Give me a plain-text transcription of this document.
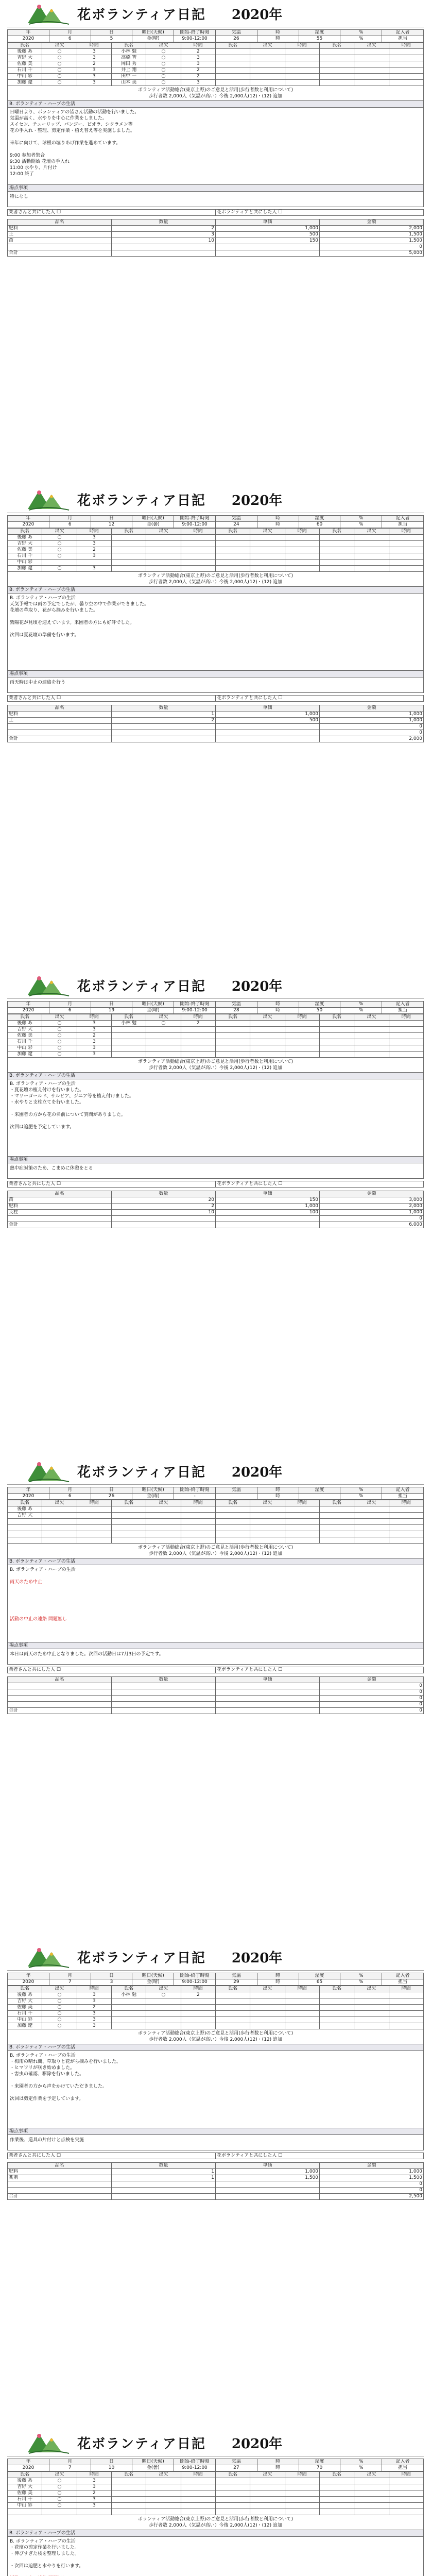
花ボランティア日記 2020年
年	月	日	曜日(天候)	開始-終了時刻	気温	時	湿度	%	記入者
2020	6	5	金(晴)	9:00-12:00	26	時	55	%	担当
氏名	出欠	時間	氏名	出欠	時間	氏名	出欠	時間	氏名	出欠	時間
後藤 あ	○	3	小林 勉	○	2						
吉野 大	○	3	高橋 智	○	3						
佐藤 美	○	2	岡田 秀	○	3						
石川 千	○	3	井上 翔	○	2						
中山 彩	○	3	田中 一	○	2						
加藤 遼	○	3	山本 美	○	3						
ボランティア活動総合(東京上野)のご意見と活用(歩行者数と利用について)
歩行者数 2,000人（気温が高い）今後 2,000人(12)・(12) 追加
B. ボランティア・ハーブの生活

日曜日より、ボランティアの皆さん活動の活動を行いました。

気温が高く、水やりを中心に作業をしました。

スイセン、チューリップ、パンジー、ビオラ、シクラメン等

花の手入れ・整理、剪定作業・植え替え等を実施しました。

来年に向けて、球根の堀りあげ作業を進めています。

9:00 参加者集合

9:30 活動開始 花壇の手入れ

11:00 水やり、片付け

12:00 終了

場点事項
特になし
業者さんと共にした人 ☐	花ボランティアと共にした人 ☐
品名	数量	単価	金額
肥料	2	1,000	2,000
土	3	500	1,500
苗	10	150	1,500
			0
合計			5,000
花ボランティア日記 2020年
年	月	日	曜日(天候)	開始-終了時刻	気温	時	湿度	%	記入者
2020	6	12	金(曇)	9:00-12:00	24	時	60	%	担当
氏名	出欠	時間	氏名	出欠	時間	氏名	出欠	時間	氏名	出欠	時間
後藤 あ	○	3									
吉野 大	○	3									
佐藤 美	○	2									
石川 千	○	3									
中山 彩											
加藤 遼	○	3									
ボランティア活動総合(東京上野)のご意見と活用(歩行者数と利用について)
歩行者数 2,000人（気温が高い）今後 2,000人(12)・(12) 追加
B. ボランティア・ハーブの生活

B. ボランティア・ハーブの生活

天気予報では雨の予定でしたが、曇り空の中で作業ができました。

花壇の草取り、花がら摘みを行いました。

紫陽花が見頃を迎えています。来園者の方にも好評でした。

次回は夏花壇の準備を行います。

場点事項
雨天時は中止の連絡を行う
業者さんと共にした人 ☐	花ボランティアと共にした人 ☐
品名	数量	単価	金額
肥料	1	1,000	1,000
土	2	500	1,000
			0
			0
合計			2,000
花ボランティア日記 2020年
年	月	日	曜日(天候)	開始-終了時刻	気温	時	湿度	%	記入者
2020	6	19	金(晴)	9:00-12:00	28	時	50	%	担当
氏名	出欠	時間	氏名	出欠	時間	氏名	出欠	時間	氏名	出欠	時間
後藤 あ	○	3	小林 勉	○	2						
吉野 大	○	3									
佐藤 美	○	2									
石川 千	○	3									
中山 彩	○	3									
加藤 遼	○	3									
ボランティア活動総合(東京上野)のご意見と活用(歩行者数と利用について)
歩行者数 2,000人（気温が高い）今後 2,000人(12)・(12) 追加
B. ボランティア・ハーブの生活

B. ボランティア・ハーブの生活

・夏花壇の植え付けを行いました。

・マリーゴールド、サルビア、ジニア等を植え付けました。

・水やりと支柱立てを行いました。

・来園者の方から花の名前について質問がありました。

次回は追肥を予定しています。

場点事項
熱中症対策のため、こまめに休憩をとる
業者さんと共にした人 ☐	花ボランティアと共にした人 ☐
品名	数量	単価	金額
苗	20	150	3,000
肥料	2	1,000	2,000
支柱	10	100	1,000
			0
合計			6,000
花ボランティア日記 2020年
年	月	日	曜日(天候)	開始-終了時刻	気温	時	湿度	%	記入者
2020	6	26	金(雨)	-		時		%	担当
氏名	出欠	時間	氏名	出欠	時間	氏名	出欠	時間	氏名	出欠	時間
後藤 あ											
吉野 大											

ボランティア活動総合(東京上野)のご意見と活用(歩行者数と利用について)
歩行者数 2,000人（気温が高い）今後 2,000人(12)・(12) 追加
B. ボランティア・ハーブの生活

B. ボランティア・ハーブの生活

雨天のため中止

活動の中止の連絡 問題無し

場点事項
本日は雨天のため中止となりました。次回の活動日は7月3日の予定です。
業者さんと共にした人 ☐	花ボランティアと共にした人 ☐
品名	数量	単価	金額
			0
			0
			0
			0
合計			0
花ボランティア日記 2020年
年	月	日	曜日(天候)	開始-終了時刻	気温	時	湿度	%	記入者
2020	7	3	金(晴)	9:00-12:00	29	時	65	%	担当
氏名	出欠	時間	氏名	出欠	時間	氏名	出欠	時間	氏名	出欠	時間
後藤 あ	○	3	小林 勉	○	2						
吉野 大	○	3									
佐藤 美	○	2									
石川 千	○	3									
中山 彩	○	3									
加藤 遼	○	3									
ボランティア活動総合(東京上野)のご意見と活用(歩行者数と利用について)
歩行者数 2,000人（気温が高い）今後 2,000人(12)・(12) 追加
B. ボランティア・ハーブの生活

B. ボランティア・ハーブの生活

・梅雨の晴れ間、草取りと花がら摘みを行いました。

・ヒマワリが咲き始めました。

・害虫の確認、駆除を行いました。

・来園者の方から声をかけていただきました。

次回は剪定作業を予定しています。

場点事項
作業後、道具の片付けと点検を実施
業者さんと共にした人 ☐	花ボランティアと共にした人 ☐
品名	数量	単価	金額
肥料	1	1,000	1,000
薬剤	1	1,500	1,500
			0
			0
合計			2,500
花ボランティア日記 2020年
年	月	日	曜日(天候)	開始-終了時刻	気温	時	湿度	%	記入者
2020	7	10	金(曇)	9:00-12:00	27	時	70	%	担当
氏名	出欠	時間	氏名	出欠	時間	氏名	出欠	時間	氏名	出欠	時間
後藤 あ	○	3									
吉野 大	○	3									
佐藤 美	○	2									
石川 千	○	3									
中山 彩	○	3									

ボランティア活動総合(東京上野)のご意見と活用(歩行者数と利用について)
歩行者数 2,000人（気温が高い）今後 2,000人(12)・(12) 追加
B. ボランティア・ハーブの生活

B. ボランティア・ハーブの生活

・花壇の剪定作業を行いました。

・伸びすぎた枝を整理しました。

・次回は追肥と水やりを行います。
